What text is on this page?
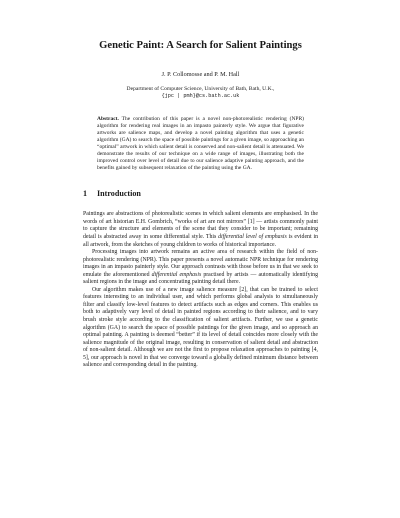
Genetic Paint: A Search for Salient Paintings
J. P. Collomosse and P. M. Hall
Department of Computer Science, University of Bath, Bath, U.K.,
{jpc | pmh}@cs.bath.ac.uk
Abstract. The contribution of this paper is a novel non-photorealistic rendering (NPR) algorithm for rendering real images in an impasto painterly style. We argue that figurative artworks are salience maps, and develop a novel painting algorithm that uses a genetic algorithm (GA) to search the space of possible paintings for a given image, so approaching an “optimal” artwork in which salient detail is conserved and non-salient detail is attenuated. We demonstrate the results of our technique on a wide range of images, illustrating both the improved control over level of detail due to our salience adaptive painting approach, and the benefits gained by subsequent relaxation of the painting using the GA.
1 Introduction

Paintings are abstractions of photorealistic scenes in which salient elements are emphasised. In the words of art historian E.H. Gombrich, “works of art are not mirrors” [1] — artists commonly paint to capture the structure and elements of the scene that they consider to be important; remaining detail is abstracted away in some differential style. This differential level of emphasis is evident in all artwork, from the sketches of young children to works of historical importance.

Processing images into artwork remains an active area of research within the field of non-photorealistic rendering (NPR). This paper presents a novel automatic NPR technique for rendering images in an impasto painterly style. Our approach contrasts with those before us in that we seek to emulate the aforementioned differential emphasis practised by artists — automatically identifying salient regions in the image and concentrating painting detail there.

Our algorithm makes use of a new image salience measure [2], that can be trained to select features interesting to an individual user, and which performs global analysis to simultaneously filter and classify low-level features to detect artifacts such as edges and corners. This enables us both to adaptively vary level of detail in painted regions according to their salience, and to vary brush stroke style according to the classification of salient artifacts. Further, we use a genetic algorithm (GA) to search the space of possible paintings for the given image, and so approach an optimal painting. A painting is deemed “better” if its level of detail coincides more closely with the salience magnitude of the original image, resulting in conservation of salient detail and abstraction of non-salient detail. Although we are not the first to propose relaxation approaches to painting [4, 5], our approach is novel in that we converge toward a globally defined minimum distance between salience and corresponding detail in the painting.
